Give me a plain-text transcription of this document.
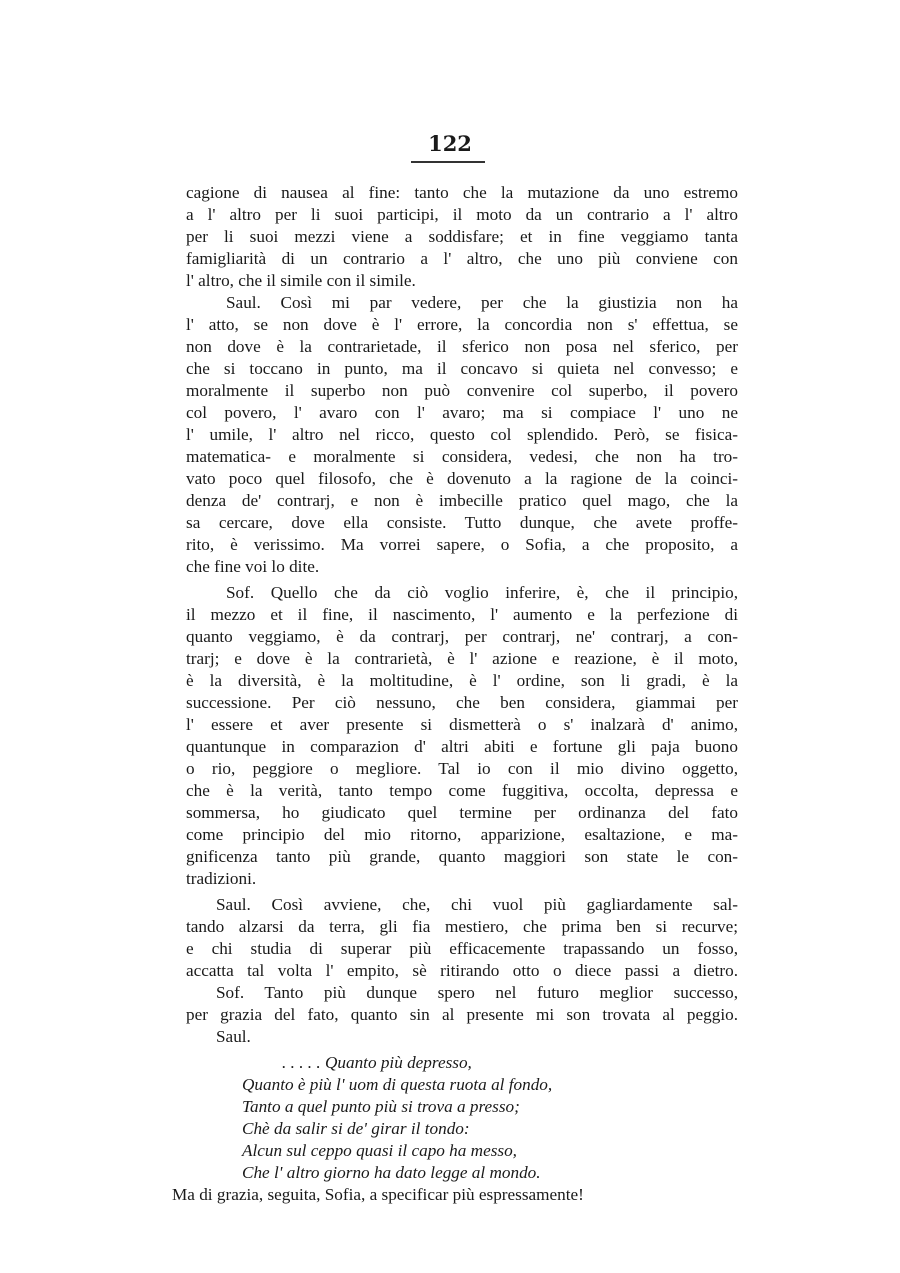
122
cagione di nausea al fine: tanto che la mutazione da uno estremo
a l' altro per li suoi participi, il moto da un contrario a l' altro
per li suoi mezzi viene a soddisfare; et in fine veggiamo tanta
famigliarità di un contrario a l' altro, che uno più conviene con
l' altro, che il simile con il simile.
Saul. Così mi par vedere, per che la giustizia non ha
l' atto, se non dove è l' errore, la concordia non s' effettua, se
non dove è la contrarietade, il sferico non posa nel sferico, per
che si toccano in punto, ma il concavo si quieta nel convesso; e
moralmente il superbo non può convenire col superbo, il povero
col povero, l' avaro con l' avaro; ma si compiace l' uno ne
l' umile, l' altro nel ricco, questo col splendido. Però, se fisica-
matematica- e moralmente si considera, vedesi, che non ha tro-
vato poco quel filosofo, che è dovenuto a la ragione de la coinci-
denza de' contrarj, e non è imbecille pratico quel mago, che la
sa cercare, dove ella consiste. Tutto dunque, che avete proffe-
rito, è verissimo. Ma vorrei sapere, o Sofia, a che proposito, a
che fine voi lo dite.
Sof. Quello che da ciò voglio inferire, è, che il principio,
il mezzo et il fine, il nascimento, l' aumento e la perfezione di
quanto veggiamo, è da contrarj, per contrarj, ne' contrarj, a con-
trarj; e dove è la contrarietà, è l' azione e reazione, è il moto,
è la diversità, è la moltitudine, è l' ordine, son li gradi, è la
successione. Per ciò nessuno, che ben considera, giammai per
l' essere et aver presente si dismetterà o s' inalzarà d' animo,
quantunque in comparazion d' altri abiti e fortune gli paja buono
o rio, peggiore o megliore. Tal io con il mio divino oggetto,
che è la verità, tanto tempo come fuggitiva, occolta, depressa e
sommersa, ho giudicato quel termine per ordinanza del fato
come principio del mio ritorno, apparizione, esaltazione, e ma-
gnificenza tanto più grande, quanto maggiori son state le con-
tradizioni.
Saul. Così avviene, che, chi vuol più gagliardamente sal-
tando alzarsi da terra, gli fia mestiero, che prima ben si recurve;
e chi studia di superar più efficacemente trapassando un fosso,
accatta tal volta l' empito, sè ritirando otto o diece passi a dietro.
Sof. Tanto più dunque spero nel futuro meglior successo,
per grazia del fato, quanto sin al presente mi son trovata al peggio.
Saul.
. . . . . Quanto più depresso,
Quanto è più l' uom di questa ruota al fondo,
Tanto a quel punto più si trova a presso;
Chè da salir si de' girar il tondo:
Alcun sul ceppo quasi il capo ha messo,
Che l' altro giorno ha dato legge al mondo.
Ma di grazia, seguita, Sofia, a specificar più espressamente!
